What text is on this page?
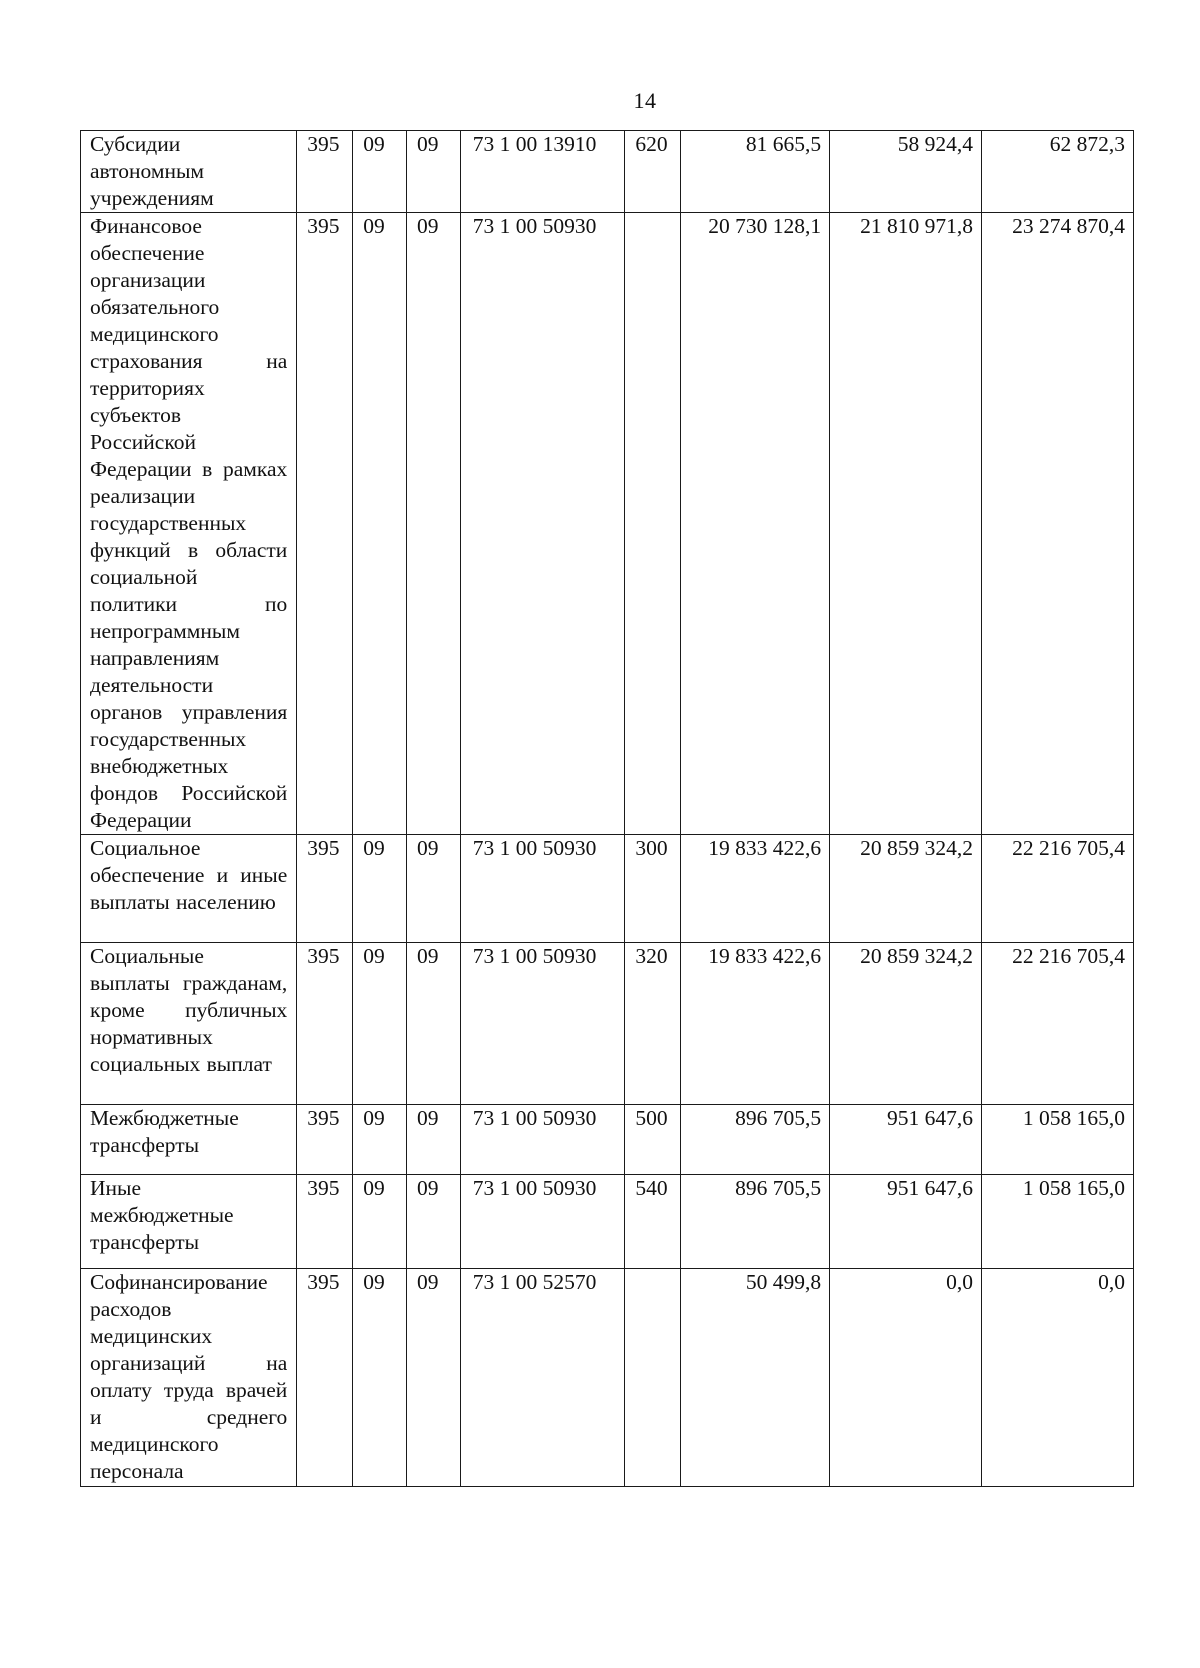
14
Субсидии автономным учреждениям	395	09	09	73 1 00 13910	620	81 665,5	58 924,4	62 872,3

Финансовое обеспечение организации обязательного медицинского страхования на территориях субъектов Российской Федерации в рамках реализации государственных функций в области социальной политики по непрограммным направлениям деятельности органов управления государственных внебюджетных фондов Российской Федерации	395	09	09	73 1 00 50930		20 730 128,1	21 810 971,8	23 274 870,4

Социальное обеспечение и иные выплаты населению	395	09	09	73 1 00 50930	300	19 833 422,6	20 859 324,2	22 216 705,4

Социальные выплаты гражданам, кроме публичных нормативных социальных выплат	395	09	09	73 1 00 50930	320	19 833 422,6	20 859 324,2	22 216 705,4

Межбюджетные трансферты	395	09	09	73 1 00 50930	500	896 705,5	951 647,6	1 058 165,0

Иные межбюджетные трансферты	395	09	09	73 1 00 50930	540	896 705,5	951 647,6	1 058 165,0

Софинансирование расходов медицинских организаций на оплату труда врачей и среднего медицинского персонала	395	09	09	73 1 00 52570		50 499,8	0,0	0,0
